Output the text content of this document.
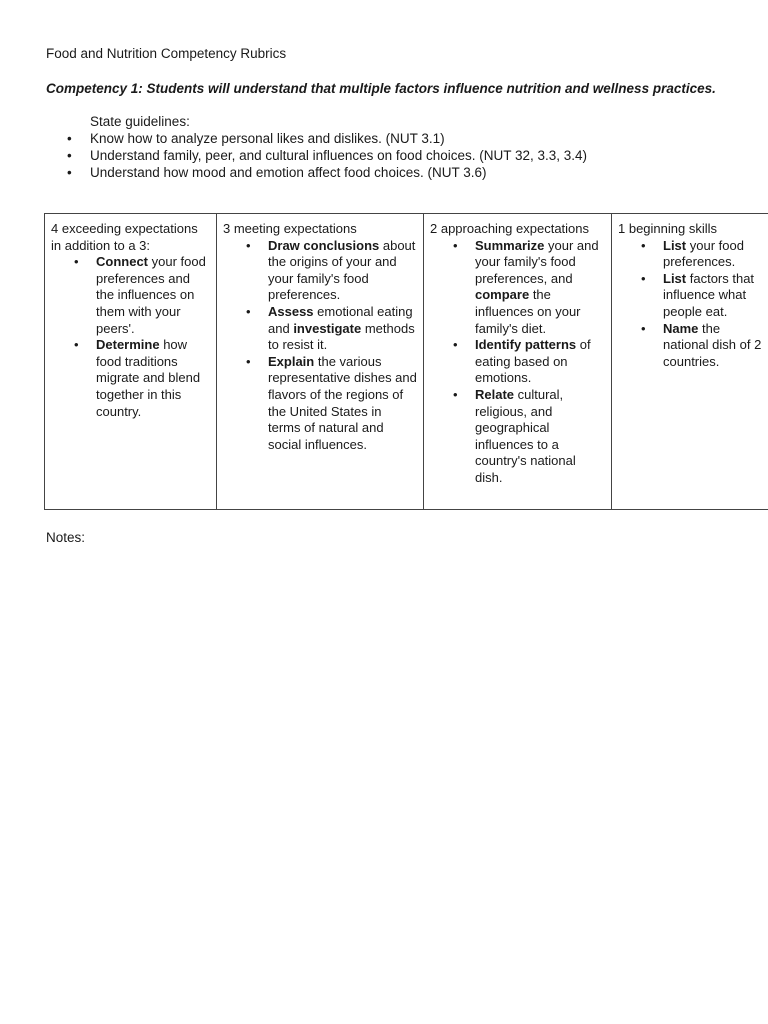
Food and Nutrition Competency Rubrics
Competency 1: Students will understand that multiple factors influence nutrition and wellness practices.
State guidelines:
• Know how to analyze personal likes and dislikes. (NUT 3.1)
• Understand family, peer, and cultural influences on food choices. (NUT 32, 3.3, 3.4)
• Understand how mood and emotion affect food choices. (NUT 3.6)
4 exceeding expectations
in addition to a 3:
• Connect your food preferences and the influences on them with your peers'.
• Determine how food traditions migrate and blend together in this country.

3 meeting expectations
• Draw conclusions about the origins of your and your family's food preferences.
• Assess emotional eating and investigate methods to resist it.
• Explain the various representative dishes and flavors of the regions of the United States in terms of natural and social influences.

2 approaching expectations
• Summarize your and your family's food preferences, and compare the influences on your family's diet.
• Identify patterns of eating based on emotions.
• Relate cultural, religious, and geographical influences to a country's national dish.

1 beginning skills
• List your food preferences.
• List factors that influence what people eat.
• Name the national dish of 2 countries.
Notes:
